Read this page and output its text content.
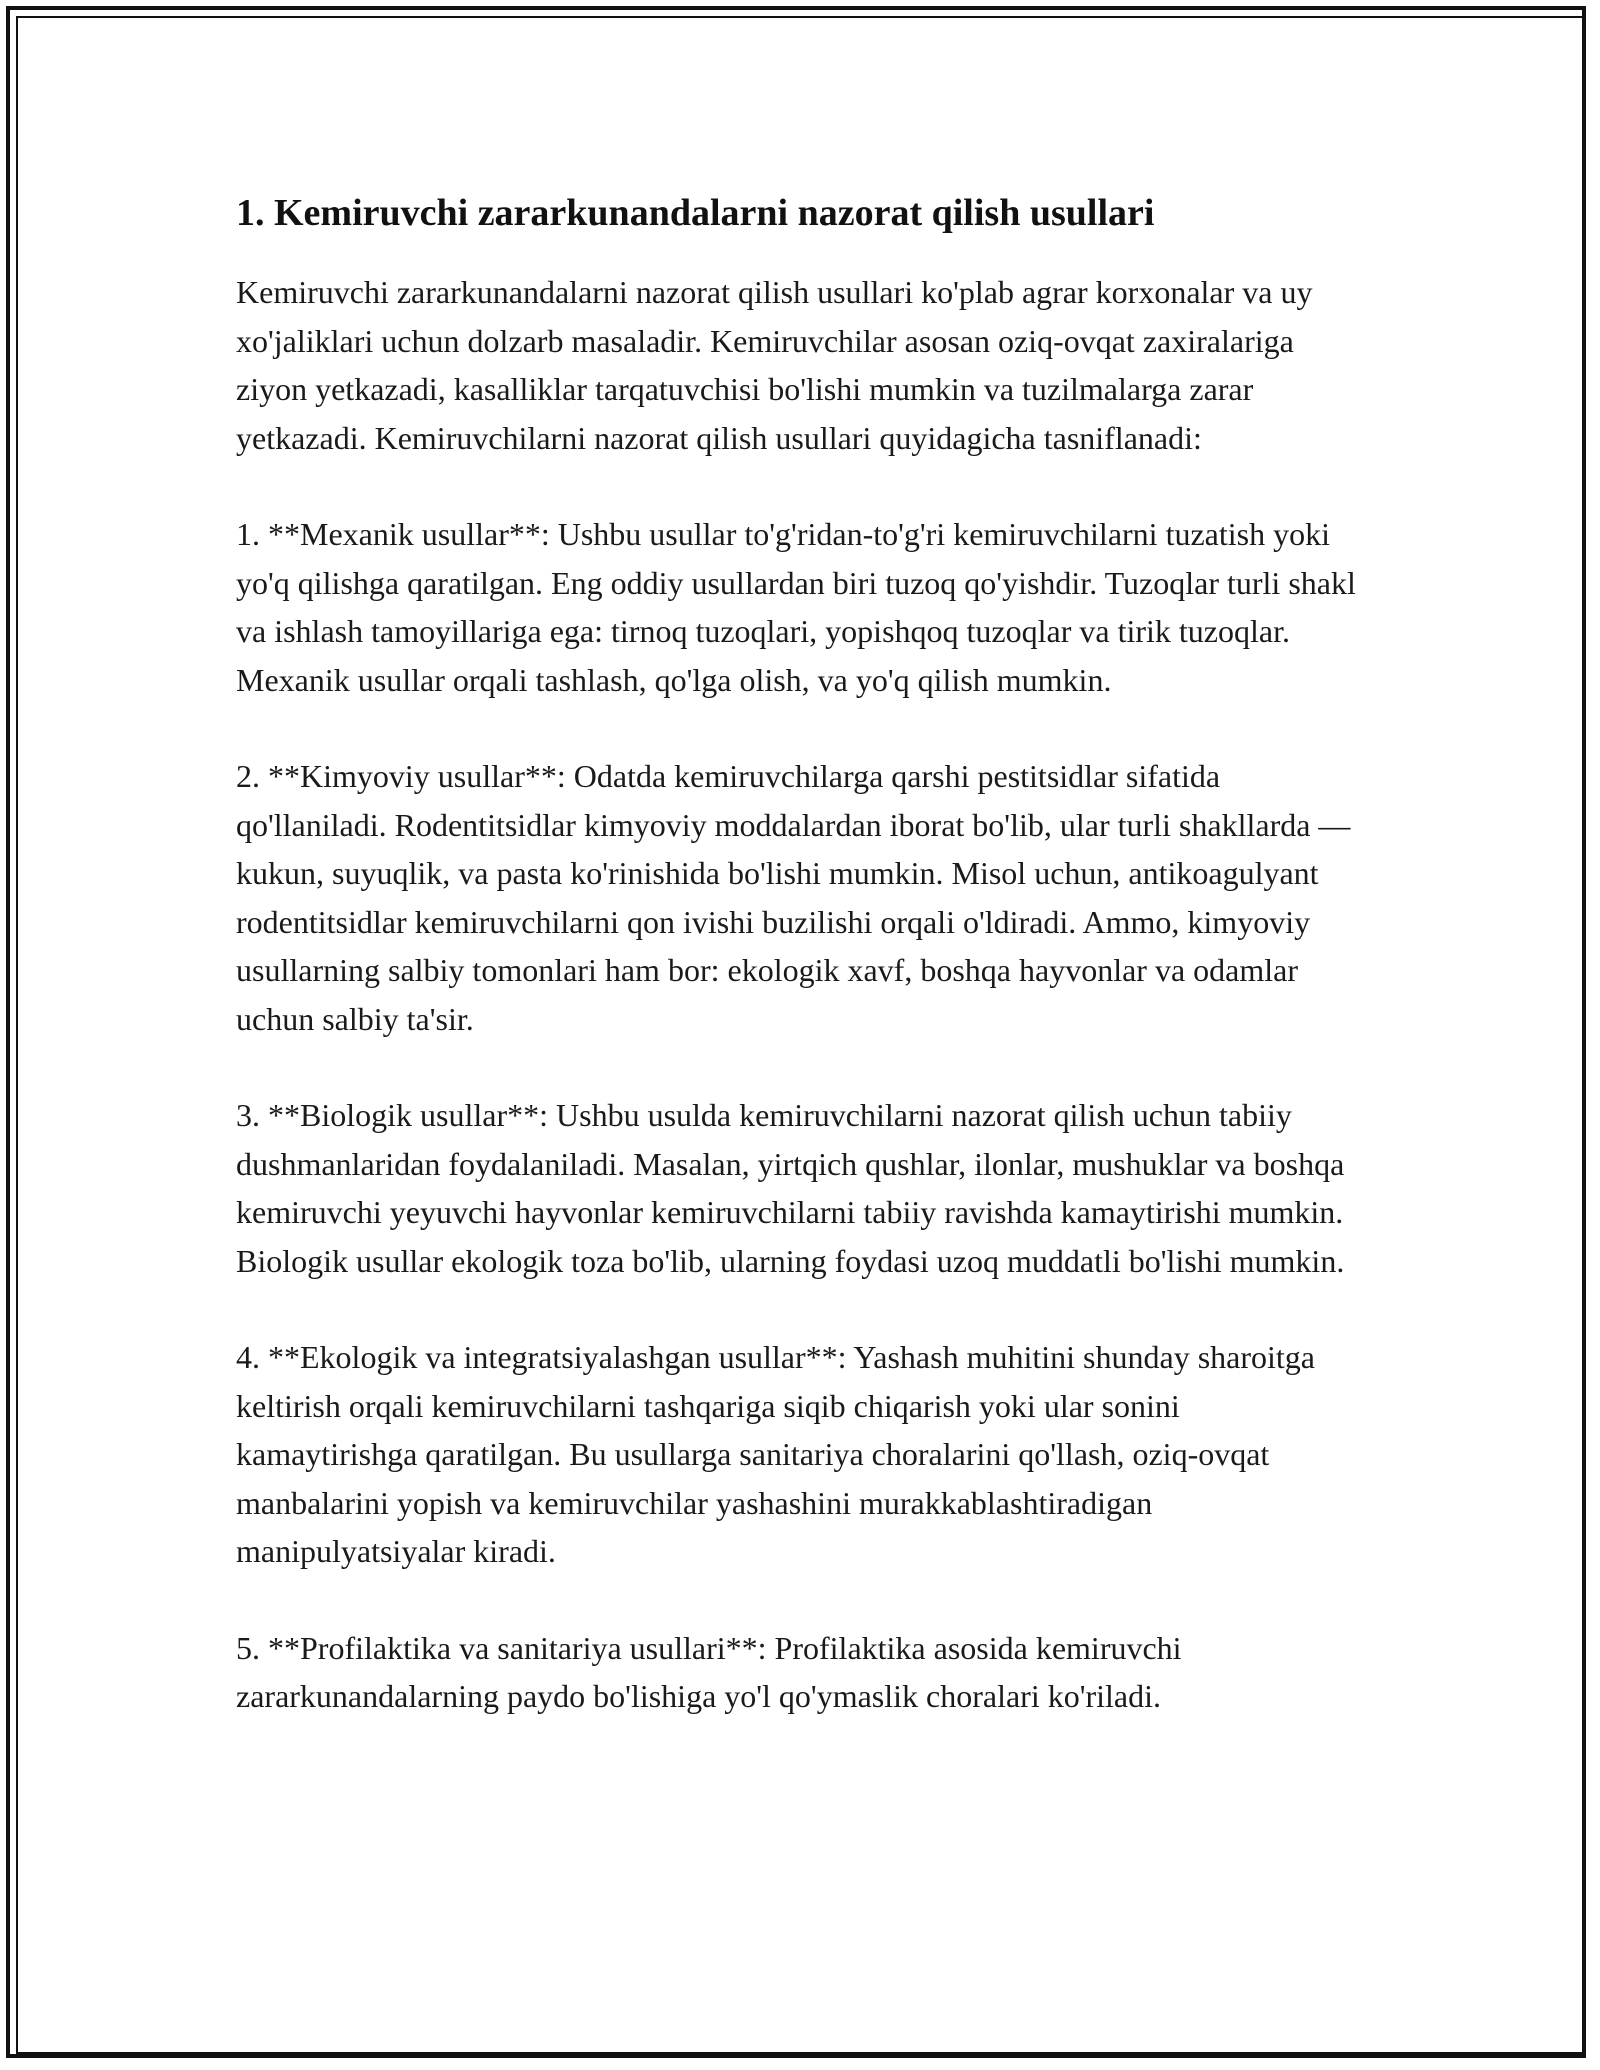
1. Kemiruvchi zararkunandalarni nazorat qilish usullari

Kemiruvchi zararkunandalarni nazorat qilish usullari ko'plab agrar korxonalar va uy xo'jaliklari uchun dolzarb masaladir. Kemiruvchilar asosan oziq-ovqat zaxiralariga ziyon yetkazadi, kasalliklar tarqatuvchisi bo'lishi mumkin va tuzilmalarga zarar yetkazadi. Kemiruvchilarni nazorat qilish usullari quyidagicha tasniflanadi:

1. **Mexanik usullar**: Ushbu usullar to'g'ridan-to'g'ri kemiruvchilarni tuzatish yoki yo'q qilishga qaratilgan. Eng oddiy usullardan biri tuzoq qo'yishdir. Tuzoqlar turli shakl va ishlash tamoyillariga ega: tirnoq tuzoqlari, yopishqoq tuzoqlar va tirik tuzoqlar. Mexanik usullar orqali tashlash, qo'lga olish, va yo'q qilish mumkin.

2. **Kimyoviy usullar**: Odatda kemiruvchilarga qarshi pestitsidlar sifatida qo'llaniladi. Rodentitsidlar kimyoviy moddalardan iborat bo'lib, ular turli shakllarda — kukun, suyuqlik, va pasta ko'rinishida bo'lishi mumkin. Misol uchun, antikoagulyant rodentitsidlar kemiruvchilarni qon ivishi buzilishi orqali o'ldiradi. Ammo, kimyoviy usullarning salbiy tomonlari ham bor: ekologik xavf, boshqa hayvonlar va odamlar uchun salbiy ta'sir.

3. **Biologik usullar**: Ushbu usulda kemiruvchilarni nazorat qilish uchun tabiiy dushmanlaridan foydalaniladi. Masalan, yirtqich qushlar, ilonlar, mushuklar va boshqa kemiruvchi yeyuvchi hayvonlar kemiruvchilarni tabiiy ravishda kamaytirishi mumkin. Biologik usullar ekologik toza bo'lib, ularning foydasi uzoq muddatli bo'lishi mumkin.

4. **Ekologik va integratsiyalashgan usullar**: Yashash muhitini shunday sharoitga keltirish orqali kemiruvchilarni tashqariga siqib chiqarish yoki ular sonini kamaytirishga qaratilgan. Bu usullarga sanitariya choralarini qo'llash, oziq-ovqat manbalarini yopish va kemiruvchilar yashashini murakkablashtiradigan manipulyatsiyalar kiradi.

5. **Profilaktika va sanitariya usullari**: Profilaktika asosida kemiruvchi zararkunandalarning paydo bo'lishiga yo'l qo'ymaslik choralari ko'riladi.
